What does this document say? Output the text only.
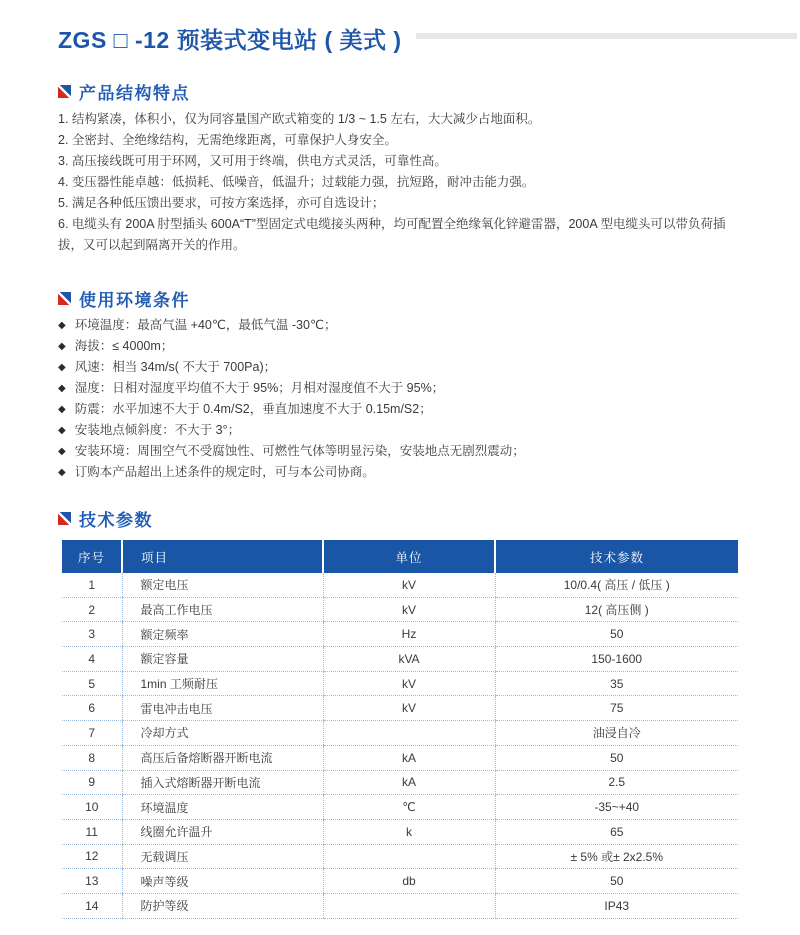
ZGS □ -12 预装式变电站 ( 美式 )
产品结构特点
1. 结构紧凑，体积小，仅为同容量国产欧式箱变的 1/3 ~ 1.5 左右，大大减少占地面积。
2. 全密封、全绝缘结构，无需绝缘距离，可靠保护人身安全。
3. 高压接线既可用于环网，又可用于终端，供电方式灵活，可靠性高。
4. 变压器性能卓越：低损耗、低噪音，低温升；过载能力强，抗短路，耐冲击能力强。
5. 满足各种低压馈出要求，可按方案选择，亦可自选设计；
6. 电缆头有 200A 肘型插头 600A“T”型固定式电缆接头两种，均可配置全绝缘氧化锌避雷器，200A 型电缆头可以带负荷插拔，又可以起到隔离开关的作用。
使用环境条件
◆ 环境温度：最高气温 +40℃，最低气温 -30℃；
◆ 海拔：≤ 4000m；
◆ 风速：相当 34m/s( 不大于 700Pa)；
◆ 湿度：日相对湿度平均值不大于 95%；月相对湿度值不大于 95%；
◆ 防震：水平加速不大于 0.4m/S2，垂直加速度不大于 0.15m/S2；
◆ 安装地点倾斜度：不大于 3°；
◆ 安装环境：周围空气不受腐蚀性、可燃性气体等明显污染，安装地点无剧烈震动；
◆ 订购本产品超出上述条件的规定时，可与本公司协商。
技术参数
序号	项目	单位	技术参数
1	额定电压	kV	10/0.4( 高压 / 低压 )
2	最高工作电压	kV	12( 高压侧 )
3	额定频率	Hz	50
4	额定容量	kVA	150-1600
5	1min 工频耐压	kV	35
6	雷电冲击电压	kV	75
7	冷却方式		油浸自冷
8	高压后备熔断器开断电流	kA	50
9	插入式熔断器开断电流	kA	2.5
10	环境温度	℃	-35~+40
11	线圈允许温升	k	65
12	无载调压		± 5% 或± 2x2.5%
13	噪声等级	db	50
14	防护等级		IP43
